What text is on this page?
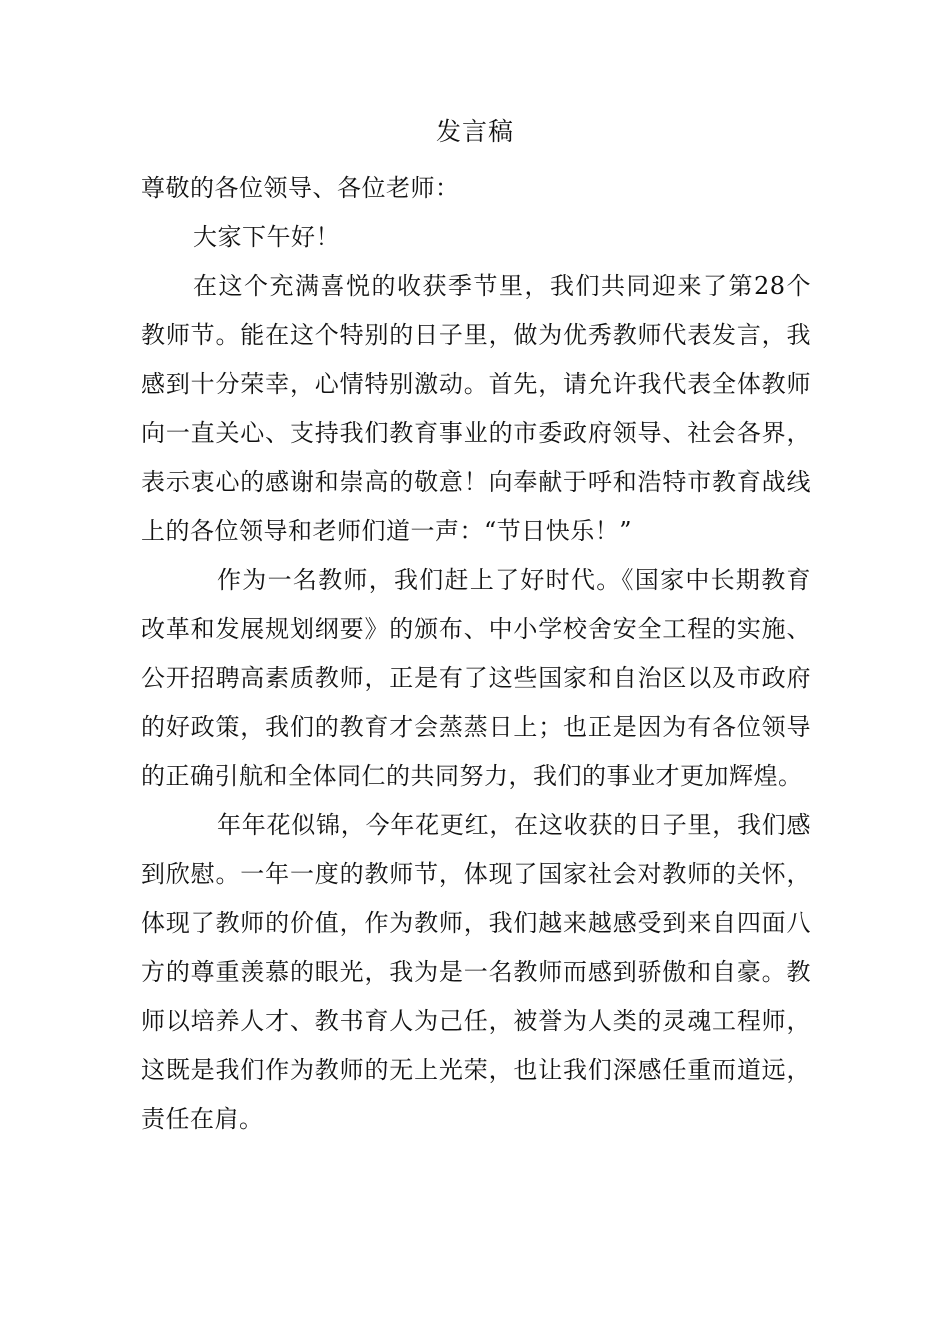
发言稿

尊敬的各位领导、各位老师：

大家下午好！

在这个充满喜悦的收获季节里，我们共同迎来了第28个教师节。能在这个特别的日子里，做为优秀教师代表发言，我感到十分荣幸，心情特别激动。首先，请允许我代表全体教师向一直关心、支持我们教育事业的市委政府领导、社会各界，表示衷心的感谢和崇高的敬意！向奉献于呼和浩特市教育战线上的各位领导和老师们道一声：“节日快乐！”

作为一名教师，我们赶上了好时代。《国家中长期教育改革和发展规划纲要》的颁布、中小学校舍安全工程的实施、公开招聘高素质教师，正是有了这些国家和自治区以及市政府的好政策，我们的教育才会蒸蒸日上；也正是因为有各位领导的正确引航和全体同仁的共同努力，我们的事业才更加辉煌。

年年花似锦，今年花更红，在这收获的日子里，我们感到欣慰。一年一度的教师节，体现了国家社会对教师的关怀，体现了教师的价值，作为教师，我们越来越感受到来自四面八方的尊重羡慕的眼光，我为是一名教师而感到骄傲和自豪。教师以培养人才、教书育人为己任，被誉为人类的灵魂工程师，这既是我们作为教师的无上光荣，也让我们深感任重而道远，责任在肩。
